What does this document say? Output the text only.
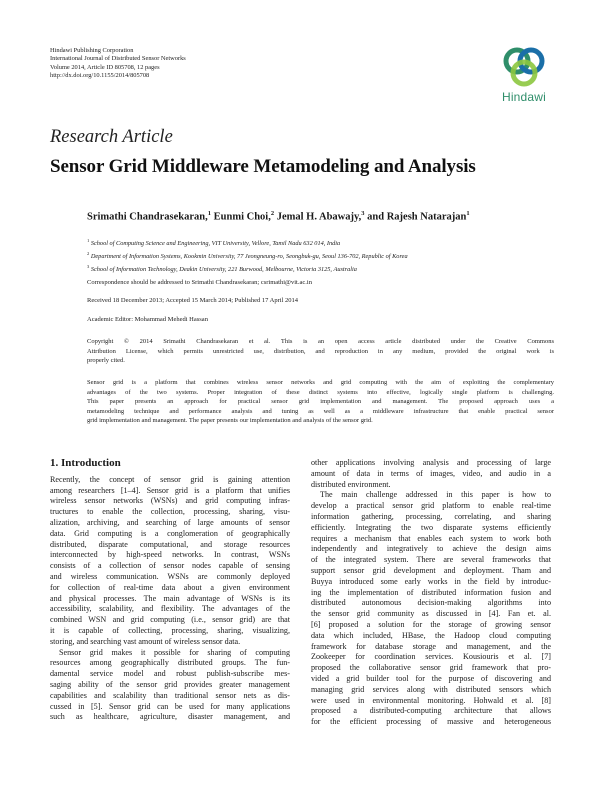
Hindawi Publishing Corporation
International Journal of Distributed Sensor Networks
Volume 2014, Article ID 805708, 12 pages
http://dx.doi.org/10.1155/2014/805708
Hindawi
Research Article
Sensor Grid Middleware Metamodeling and Analysis
Srimathi Chandrasekaran,$^1$ Eunmi Choi,$^2$ Jemal H. Abawajy,$^3$ and Rajesh Natarajan$^1$
$^1$ School of Computing Science and Engineering, VIT University, Vellore, Tamil Nadu 632 014, India
$^2$ Department of Information Systems, Kookmin University, 77 Jeongneung-ro, Seongbuk-gu, Seoul 136-702, Republic of Korea
$^3$ School of Information Technology, Deakin University, 221 Burwood, Melbourne, Victoria 3125, Australia
Correspondence should be addressed to Srimathi Chandrasekaran; csrimathi@vit.ac.in
Received 18 December 2013; Accepted 15 March 2014; Published 17 April 2014
Academic Editor: Mohammad Mehedi Hassan
Copyright © 2014 Srimathi Chandrasekaran et al. This is an open access article distributed under the Creative Commons
Attribution License, which permits unrestricted use, distribution, and reproduction in any medium, provided the original work is
properly cited.
Sensor grid is a platform that combines wireless sensor networks and grid computing with the aim of exploiting the complementary
advantages of the two systems. Proper integration of these distinct systems into effective, logically single platform is challenging.
This paper presents an approach for practical sensor grid implementation and management. The proposed approach uses a
metamodeling technique and performance analysis and tuning as well as a middleware infrastructure that enable practical sensor
grid implementation and management. The paper presents our implementation and analysis of the sensor grid.
1. Introduction
Recently, the concept of sensor grid is gaining attention
among researchers [1–4]. Sensor grid is a platform that unifies
wireless sensor networks (WSNs) and grid computing infras-
tructures to enable the collection, processing, sharing, visu-
alization, archiving, and searching of large amounts of sensor
data. Grid computing is a conglomeration of geographically
distributed, disparate computational, and storage resources
interconnected by high-speed networks. In contrast, WSNs
consists of a collection of sensor nodes capable of sensing
and wireless communication. WSNs are commonly deployed
for collection of real-time data about a given environment
and physical processes. The main advantage of WSNs is its
accessibility, scalability, and flexibility. The advantages of the
combined WSN and grid computing (i.e., sensor grid) are that
it is capable of collecting, processing, sharing, visualizing,
storing, and searching vast amount of wireless sensor data.
Sensor grid makes it possible for sharing of computing
resources among geographically distributed groups. The fun-
damental service model and robust publish-subscribe mes-
saging ability of the sensor grid provides greater management
capabilities and scalability than traditional sensor nets as dis-
cussed in [5]. Sensor grid can be used for many applications
such as healthcare, agriculture, disaster management, and
other applications involving analysis and processing of large
amount of data in terms of images, video, and audio in a
distributed environment.
The main challenge addressed in this paper is how to
develop a practical sensor grid platform to enable real-time
information gathering, processing, correlating, and sharing
efficiently. Integrating the two disparate systems efficiently
requires a mechanism that enables each system to work both
independently and integratively to achieve the design aims
of the integrated system. There are several frameworks that
support sensor grid development and deployment. Tham and
Buyya introduced some early works in the field by introduc-
ing the implementation of distributed information fusion and
distributed autonomous decision-making algorithms into
the sensor grid community as discussed in [4]. Fan et. al.
[6] proposed a solution for the storage of growing sensor
data which included, HBase, the Hadoop cloud computing
framework for database storage and management, and the
Zookeeper for coordination services. Kousiouris et al. [7]
proposed the collaborative sensor grid framework that pro-
vided a grid builder tool for the purpose of discovering and
managing grid services along with distributed sensors which
were used in environmental monitoring. Hohwald et al. [8]
proposed a distributed-computing architecture that allows
for the efficient processing of massive and heterogeneous
